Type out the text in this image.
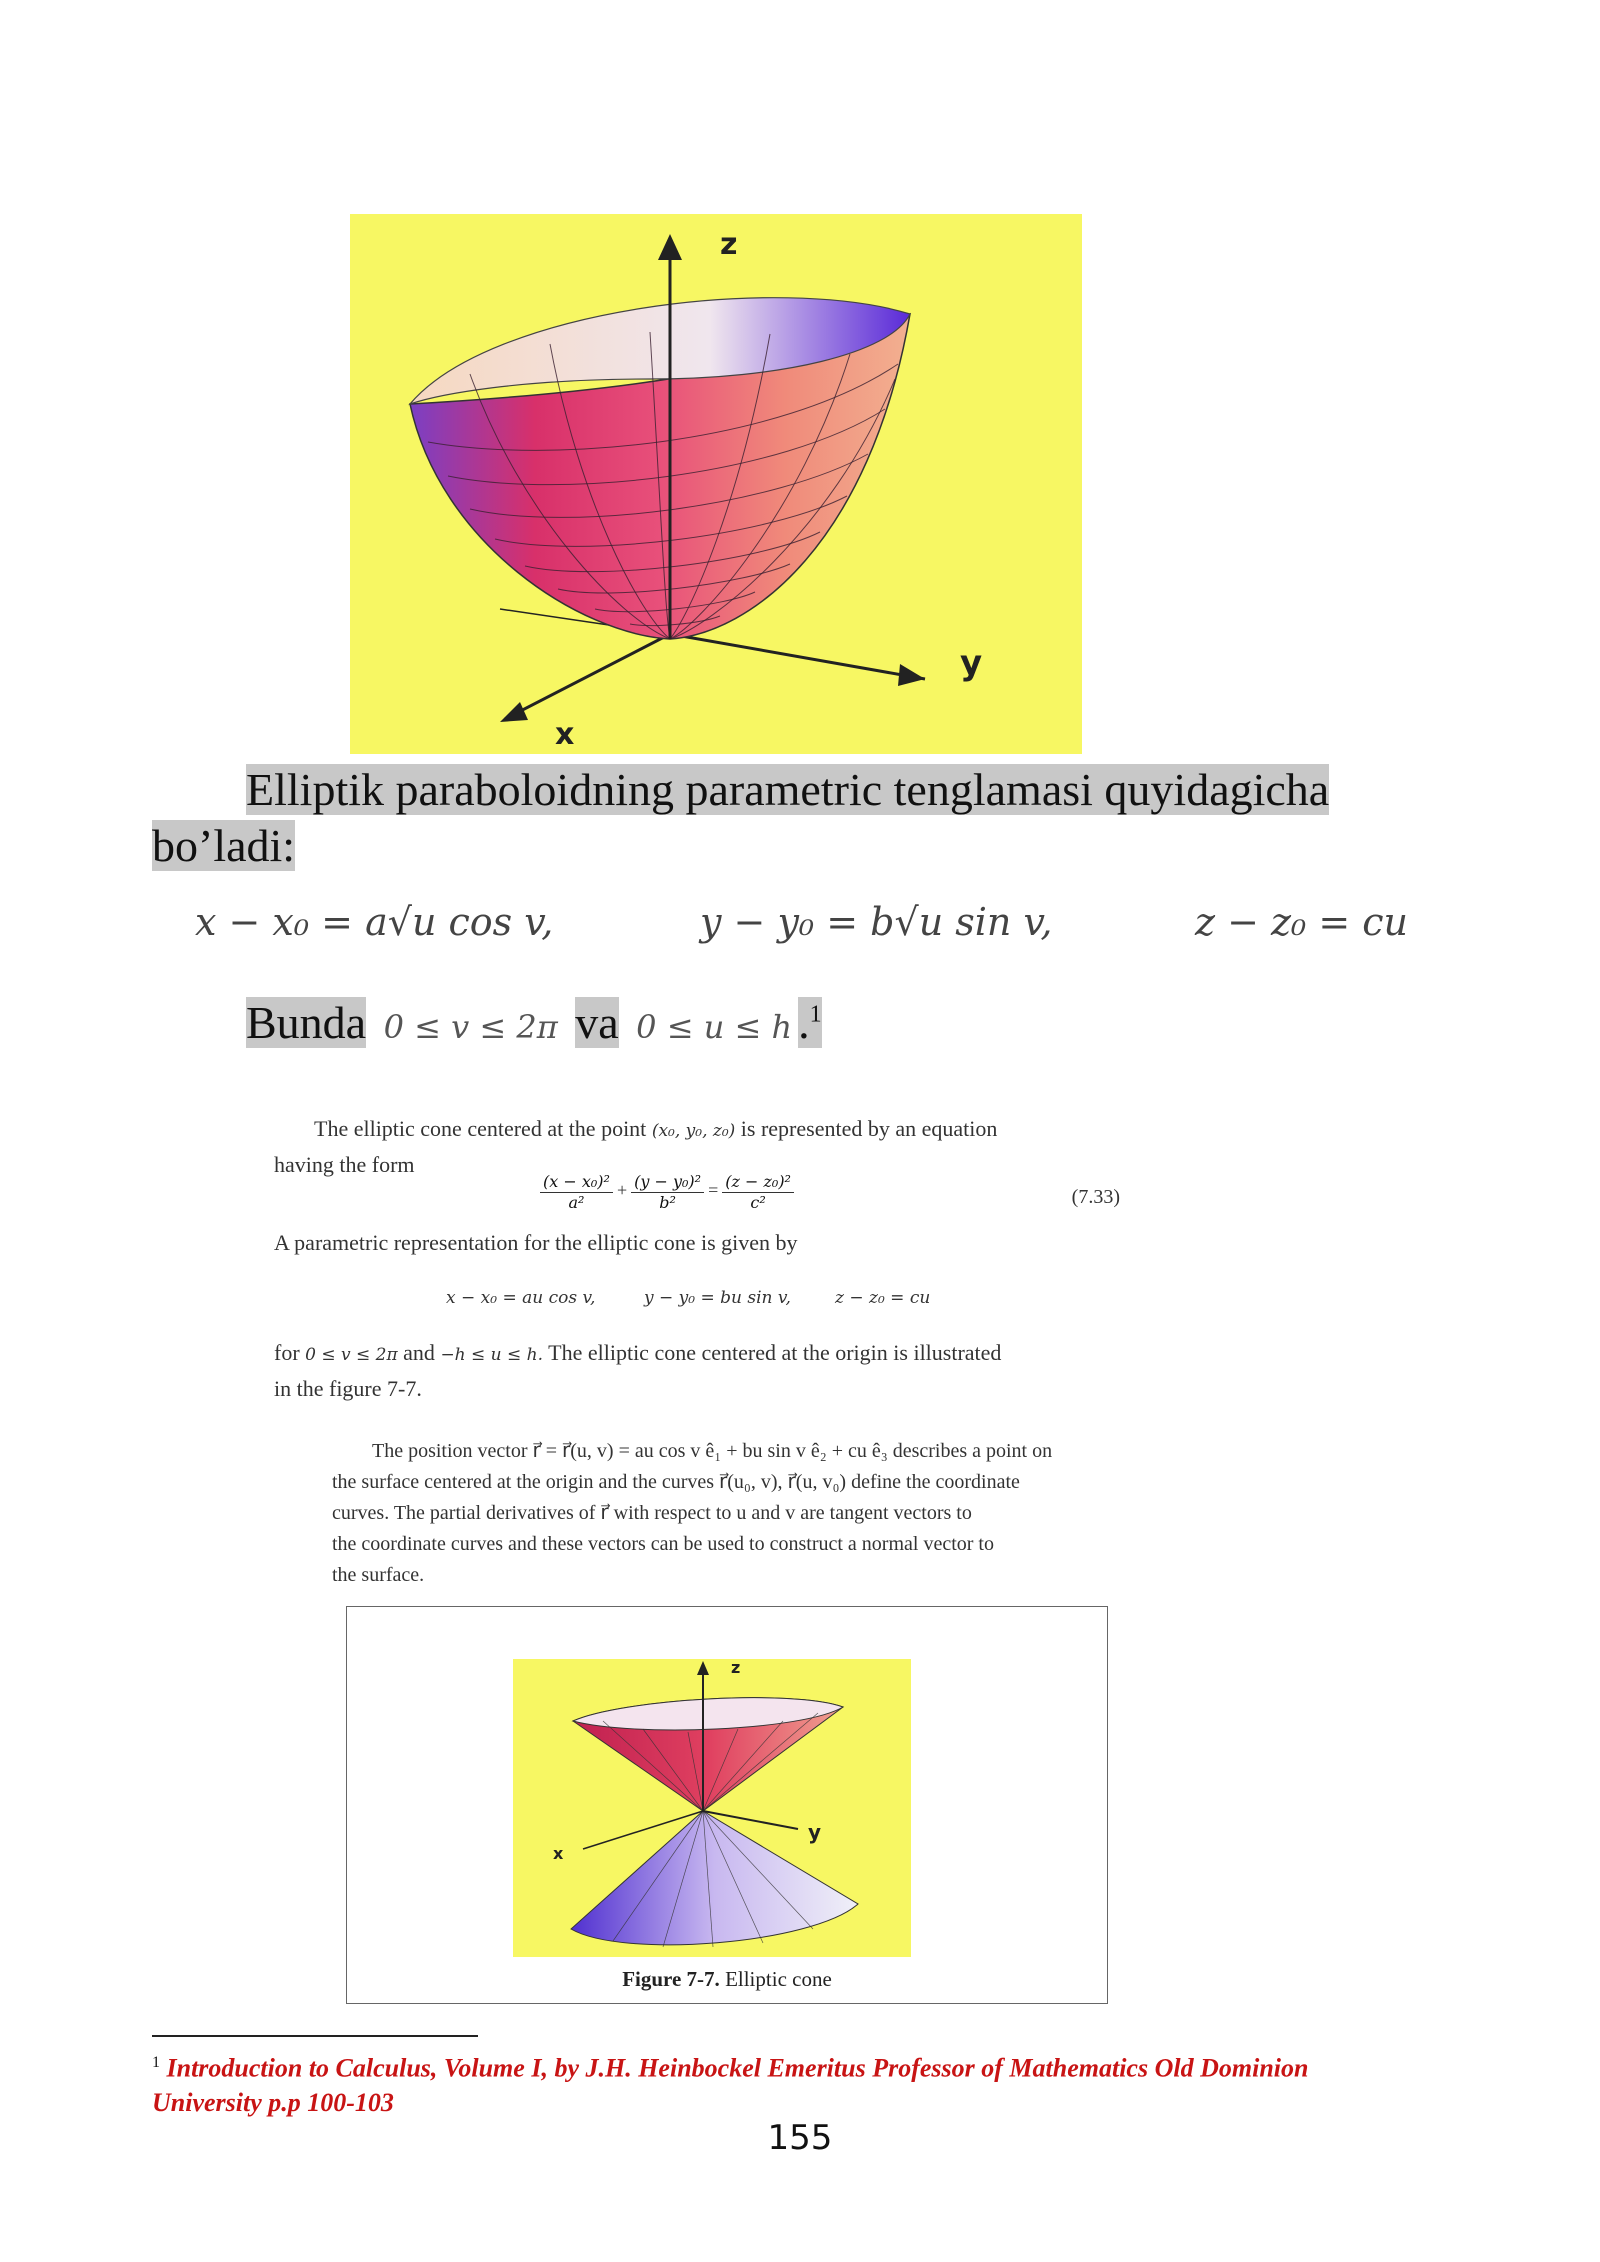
z
y
x
Elliptik paraboloidning parametric tenglamasi quyidagicha
bo’ladi:
x − x₀ = a√u cos v,	y − y₀ = b√u sin v,	z − z₀ = cu
Bunda 0 ≤ v ≤ 2π va 0 ≤ u ≤ h .$^1$
The elliptic cone centered at the point (x₀, y₀, z₀) is represented by an equation
having the form
$\frac{\text{(x − x₀)²}}{\text{a²}} + \frac{\text{(y − y₀)²}}{\text{b²}} = \frac{\text{(z − z₀)²}}{\text{c²}}$	(7.33)
A parametric representation for the elliptic cone is given by
x − x₀ = au cos v,	y − y₀ = bu sin v,	z − z₀ = cu
for 0 ≤ v ≤ 2π and −h ≤ u ≤ h. The elliptic cone centered at the origin is illustrated
in the figure 7-7.
The position vector r⃗ = r⃗(u, v) = au cos v ê₁ + bu sin v ê₂ + cu ê₃ describes a point on
the surface centered at the origin and the curves r⃗(u₀, v), r⃗(u, v₀) define the coordinate
curves. The partial derivatives of r⃗ with respect to u and v are tangent vectors to
the coordinate curves and these vectors can be used to construct a normal vector to
the surface.
z
y
x
Figure 7-7. Elliptic cone
$^1$ Introduction to Calculus, Volume I, by J.H. Heinbockel Emeritus Professor of Mathematics Old Dominion
University p.p 100-103
155
